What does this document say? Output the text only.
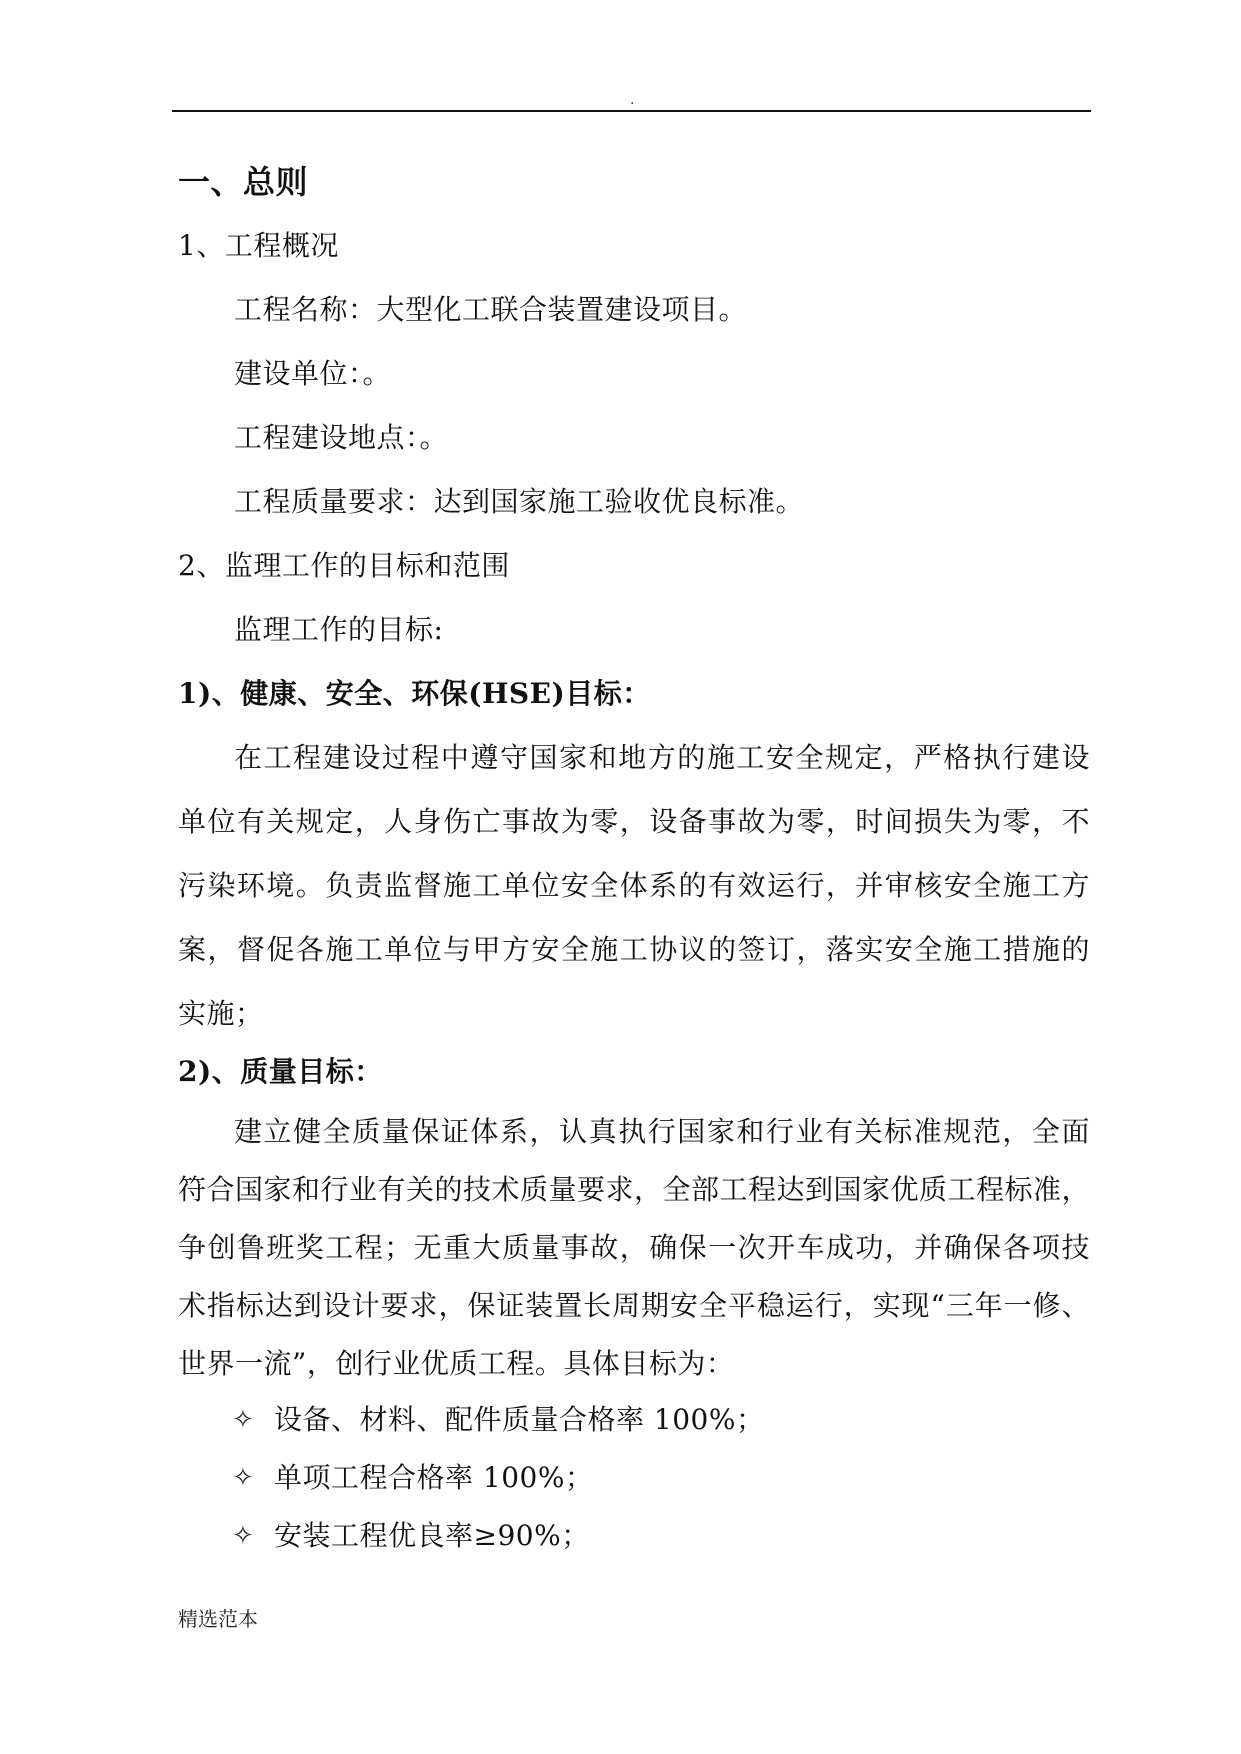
.
一、总则
1、工程概况
工程名称：大型化工联合装置建设项目。
建设单位：。
工程建设地点：。
工程质量要求：达到国家施工验收优良标准。
2、监理工作的目标和范围
监理工作的目标:
1)、健康、安全、环保(HSE)目标：
在工程建设过程中遵守国家和地方的施工安全规定，严格执行建设
单位有关规定，人身伤亡事故为零，设备事故为零，时间损失为零，不
污染环境。负责监督施工单位安全体系的有效运行，并审核安全施工方
案，督促各施工单位与甲方安全施工协议的签订，落实安全施工措施的
实施；
2)、质量目标：
建立健全质量保证体系，认真执行国家和行业有关标准规范，全面
符合国家和行业有关的技术质量要求，全部工程达到国家优质工程标准，
争创鲁班奖工程；无重大质量事故，确保一次开车成功，并确保各项技
术指标达到设计要求，保证装置长周期安全平稳运行，实现“三年一修、
世界一流”，创行业优质工程。具体目标为：
✧ 设备、材料、配件质量合格率 100%；
✧ 单项工程合格率 100%；
✧ 安装工程优良率≥90%；
精选范本
